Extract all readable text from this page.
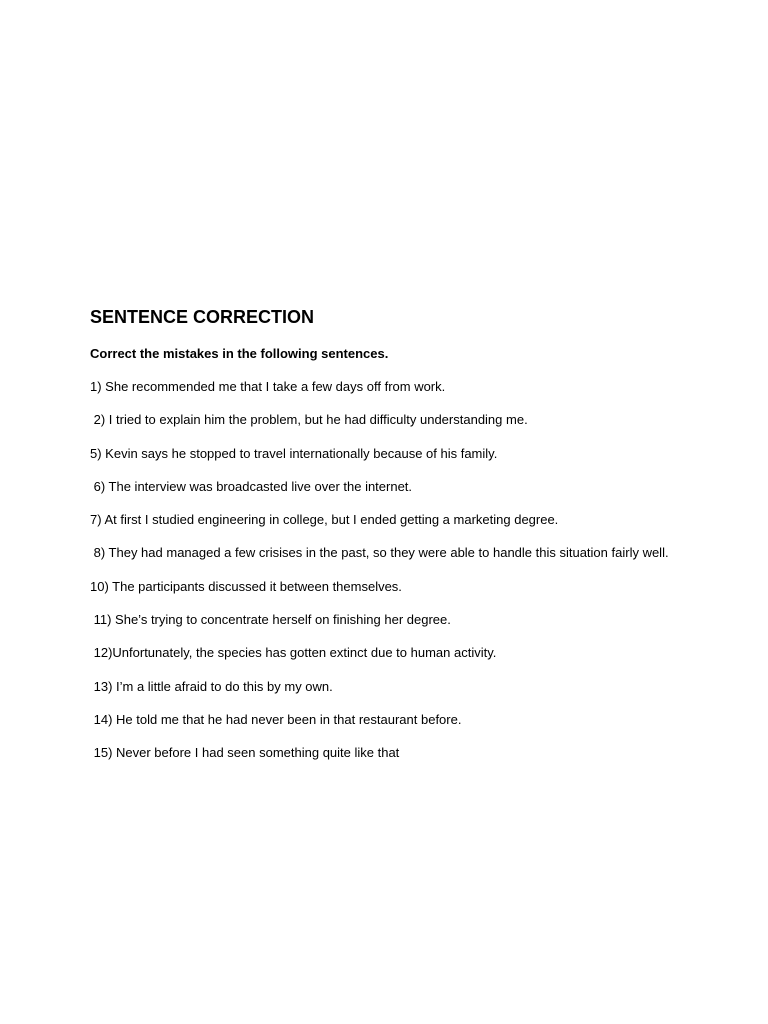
SENTENCE CORRECTION

Correct the mistakes in the following sentences.

1) She recommended me that I take a few days off from work.
2) I tried to explain him the problem, but he had difficulty understanding me.
5) Kevin says he stopped to travel internationally because of his family.
6) The interview was broadcasted live over the internet.
7) At first I studied engineering in college, but I ended getting a marketing degree.
8) They had managed a few crisises in the past, so they were able to handle this situation fairly well.
10) The participants discussed it between themselves.
11) She’s trying to concentrate herself on finishing her degree.
12)Unfortunately, the species has gotten extinct due to human activity.
13) I’m a little afraid to do this by my own.
14) He told me that he had never been in that restaurant before.
15) Never before I had seen something quite like that
